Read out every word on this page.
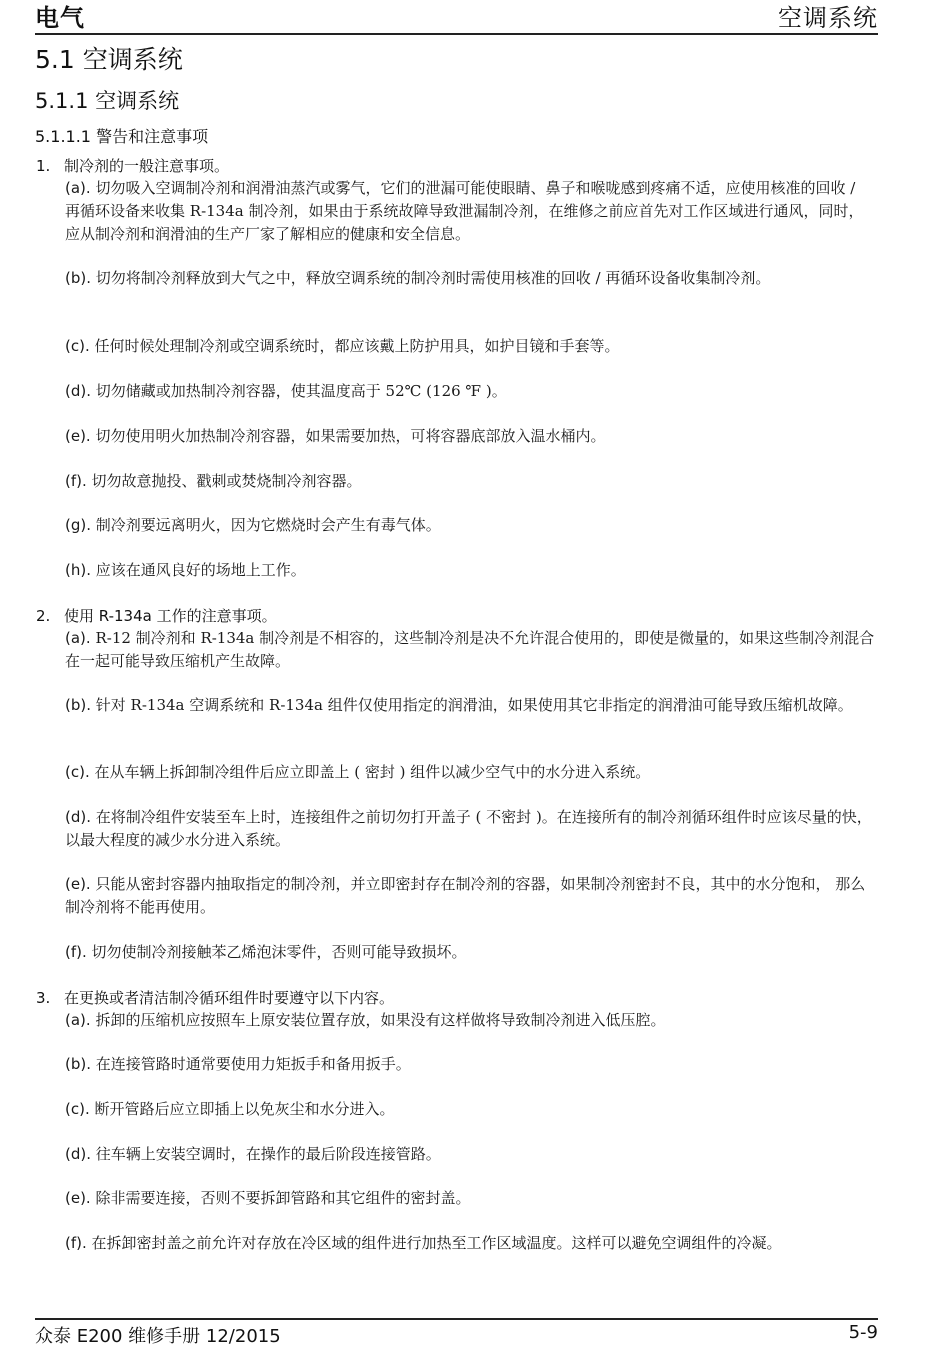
电气	空调系统
5.1 空调系统
5.1.1 空调系统
5.1.1.1 警告和注意事项
1. 制冷剂的一般注意事项。
(a). 切勿吸入空调制冷剂和润滑油蒸汽或雾气，它们的泄漏可能使眼睛、鼻子和喉咙感到疼痛不适，应使用核准的回收 / 再循环设备来收集 R-134a 制冷剂，如果由于系统故障导致泄漏制冷剂，在维修之前应首先对工作区域进行通风，同时，应从制冷剂和润滑油的生产厂家了解相应的健康和安全信息。
(b). 切勿将制冷剂释放到大气之中，释放空调系统的制冷剂时需使用核准的回收 / 再循环设备收集制冷剂。
(c). 任何时候处理制冷剂或空调系统时，都应该戴上防护用具，如护目镜和手套等。
(d). 切勿储藏或加热制冷剂容器，使其温度高于 52℃ (126 ℉ )。
(e). 切勿使用明火加热制冷剂容器，如果需要加热，可将容器底部放入温水桶内。
(f). 切勿故意抛投、戳刺或焚烧制冷剂容器。
(g). 制冷剂要远离明火，因为它燃烧时会产生有毒气体。
(h). 应该在通风良好的场地上工作。
2. 使用 R-134a 工作的注意事项。
(a). R-12 制冷剂和 R-134a 制冷剂是不相容的，这些制冷剂是决不允许混合使用的，即使是微量的，如果这些制冷剂混合在一起可能导致压缩机产生故障。
(b). 针对 R-134a 空调系统和 R-134a 组件仅使用指定的润滑油，如果使用其它非指定的润滑油可能导致压缩机故障。
(c). 在从车辆上拆卸制冷组件后应立即盖上 ( 密封 ) 组件以减少空气中的水分进入系统。
(d). 在将制冷组件安装至车上时，连接组件之前切勿打开盖子 ( 不密封 )。在连接所有的制冷剂循环组件时应该尽量的快，以最大程度的减少水分进入系统。
(e). 只能从密封容器内抽取指定的制冷剂，并立即密封存在制冷剂的容器，如果制冷剂密封不良，其中的水分饱和， 那么制冷剂将不能再使用。
(f). 切勿使制冷剂接触苯乙烯泡沫零件，否则可能导致损坏。
3. 在更换或者清洁制冷循环组件时要遵守以下内容。
(a). 拆卸的压缩机应按照车上原安装位置存放，如果没有这样做将导致制冷剂进入低压腔。
(b). 在连接管路时通常要使用力矩扳手和备用扳手。
(c). 断开管路后应立即插上以免灰尘和水分进入。
(d). 往车辆上安装空调时，在操作的最后阶段连接管路。
(e). 除非需要连接，否则不要拆卸管路和其它组件的密封盖。
(f). 在拆卸密封盖之前允许对存放在冷区域的组件进行加热至工作区域温度。这样可以避免空调组件的冷凝。
众泰 E200 维修手册 12/2015	5-9
